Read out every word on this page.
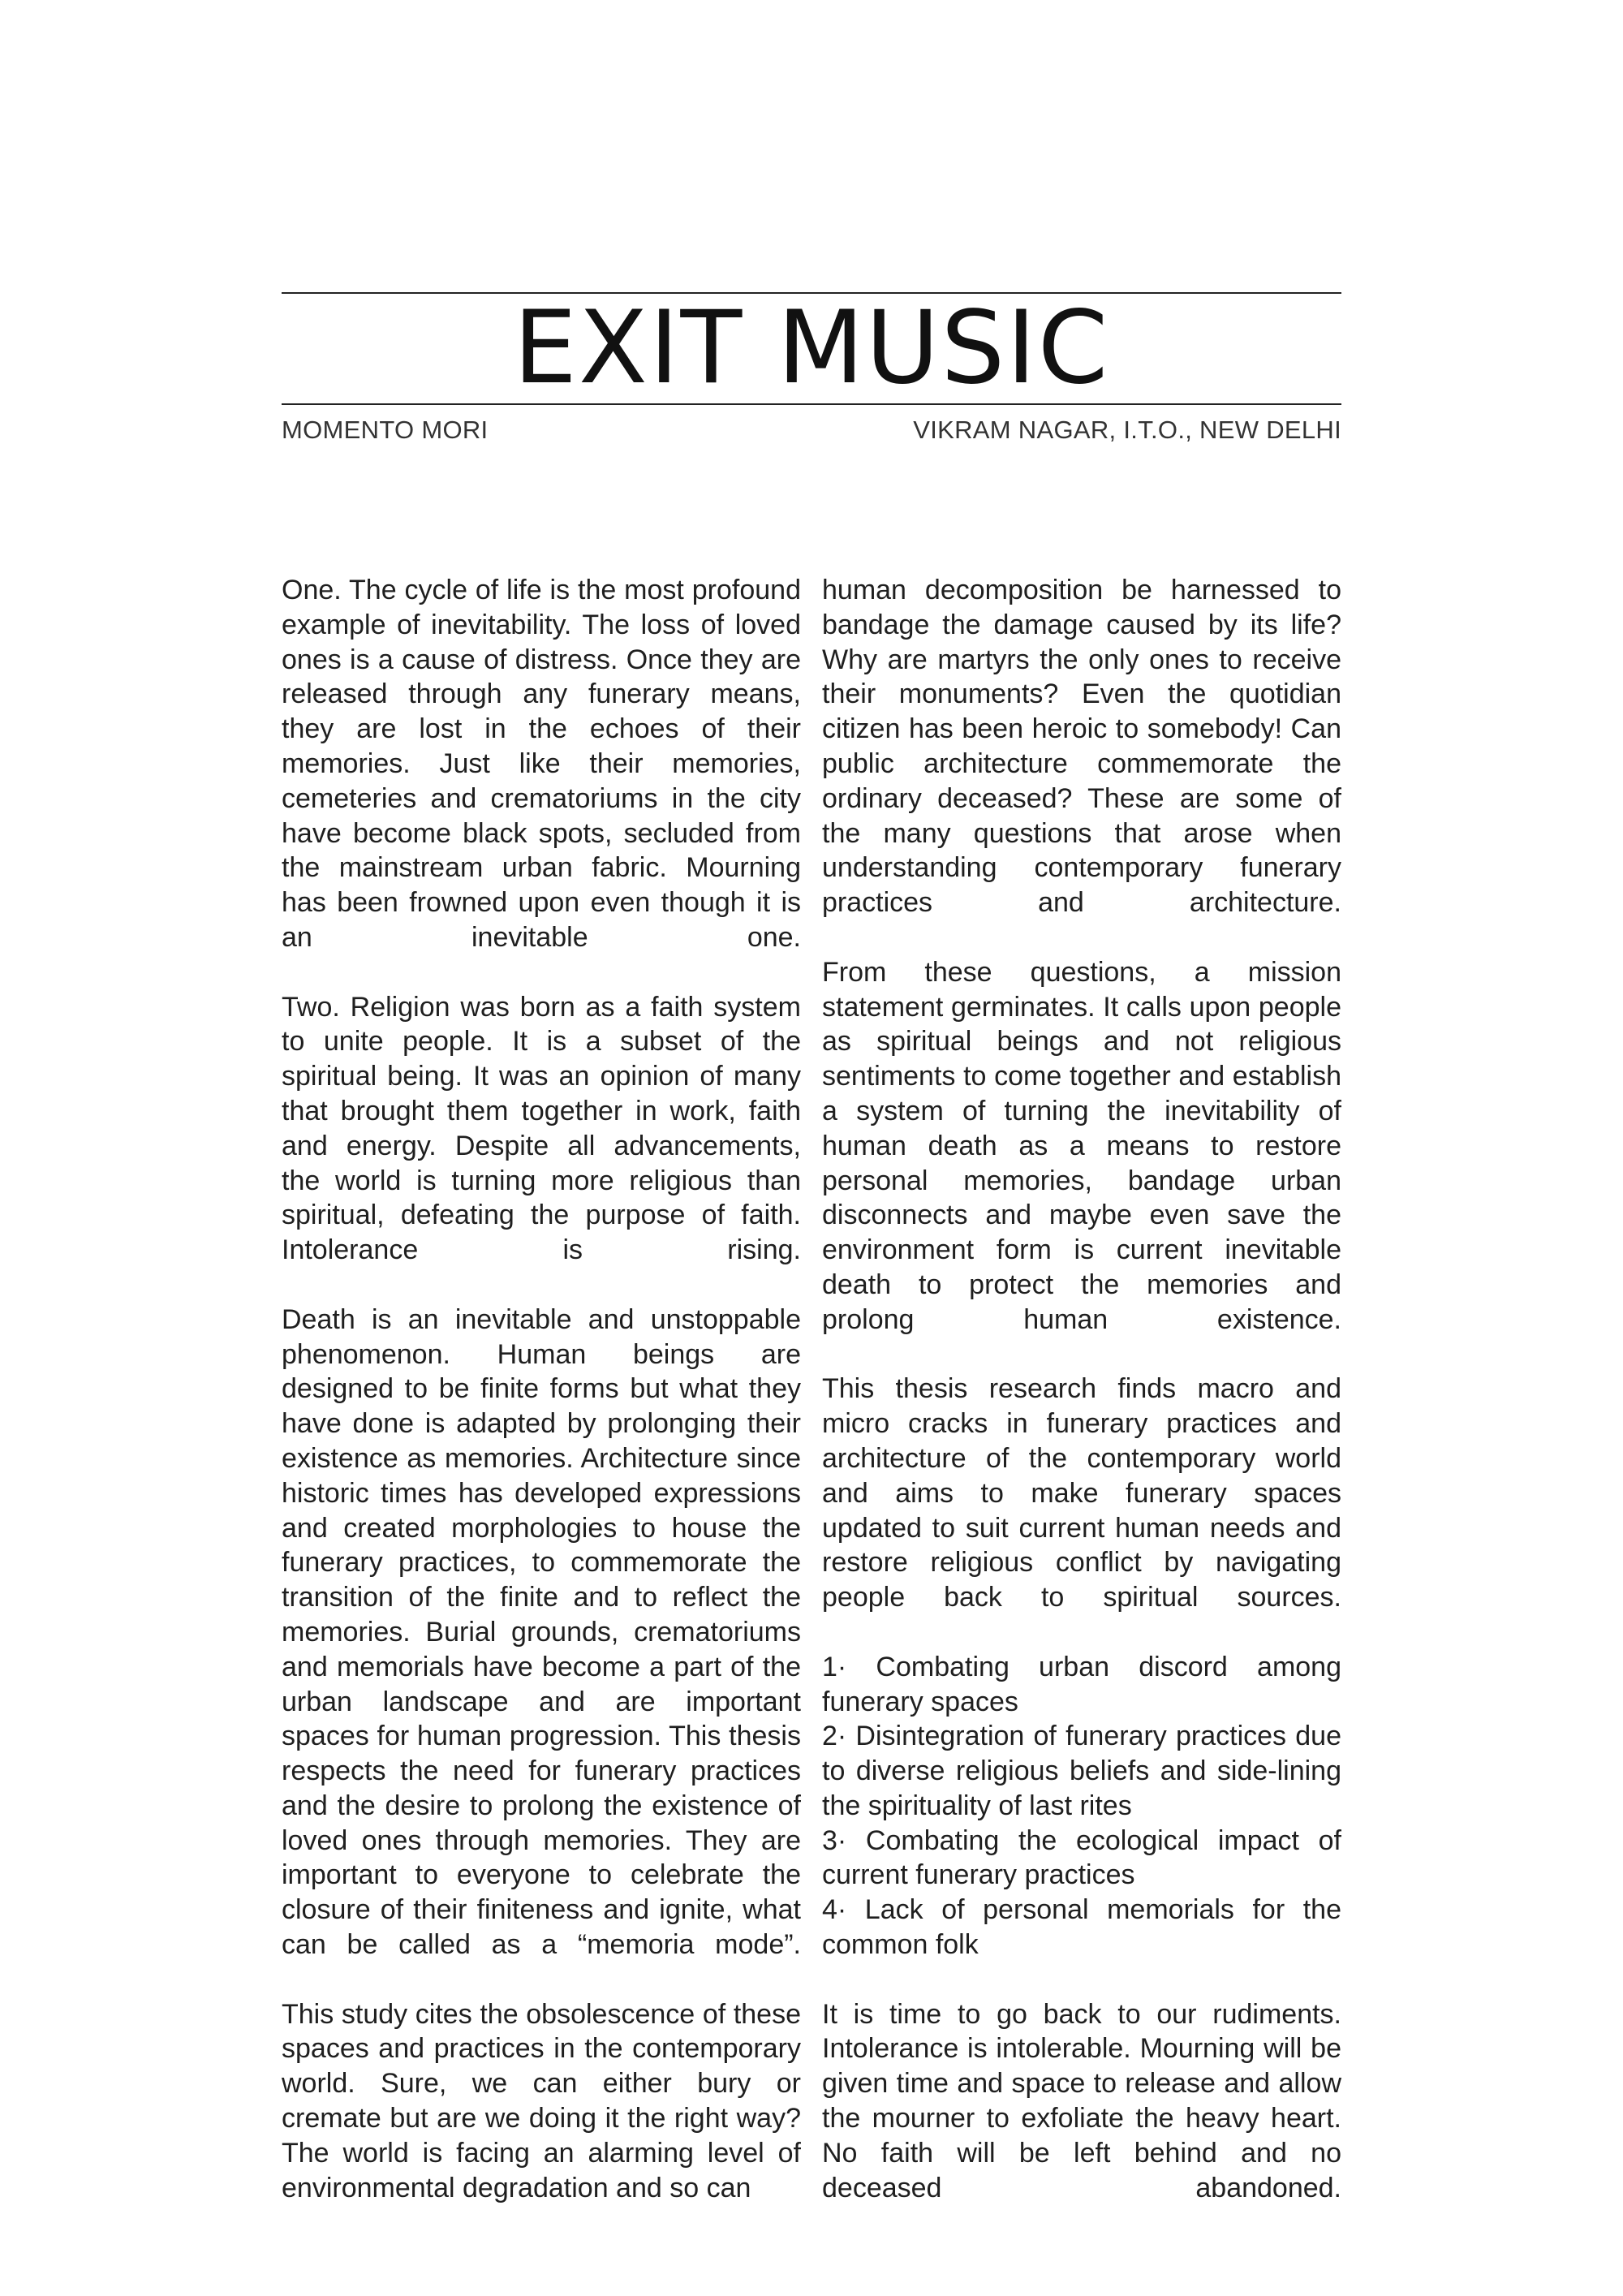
EXIT MUSIC
MOMENTO MORI	VIKRAM NAGAR, I.T.O., NEW DELHI

One. The cycle of life is the most profound example of inevitability. The loss of loved ones is a cause of distress. Once they are released through any funerary means, they are lost in the echoes of their memories. Just like their memories, cemeteries and crematoriums in the city have become black spots, secluded from the mainstream urban fabric. Mourning has been frowned upon even though it is an inevitable one.

Two. Religion was born as a faith system to unite people. It is a subset of the spiritual being. It was an opinion of many that brought them together in work, faith and energy. Despite all advancements, the world is turning more religious than spiritual, defeating the purpose of faith. Intolerance is rising.

Death is an inevitable and unstoppable phenomenon. Human beings are designed to be finite forms but what they have done is adapted by prolonging their existence as memories. Architecture since historic times has developed expressions and created morphologies to house the funerary practices, to commemorate the transition of the finite and to reflect the memories. Burial grounds, crematoriums and memorials have become a part of the urban landscape and are important spaces for human progression. This thesis respects the need for funerary practices and the desire to prolong the existence of loved ones through memories. They are important to everyone to celebrate the closure of their finiteness and ignite, what can be called as a “memoria mode”.

This study cites the obsolescence of these spaces and practices in the contemporary world. Sure, we can either bury or cremate but are we doing it the right way? The world is facing an alarming level of environmental degradation and so can

human decomposition be harnessed to bandage the damage caused by its life? Why are martyrs the only ones to receive their monuments? Even the quotidian citizen has been heroic to somebody! Can public architecture commemorate the ordinary deceased? These are some of the many questions that arose when understanding contemporary funerary practices and architecture.

From these questions, a mission statement germinates. It calls upon people as spiritual beings and not religious sentiments to come together and establish a system of turning the inevitability of human death as a means to restore personal memories, bandage urban disconnects and maybe even save the environment form is current inevitable death to protect the memories and prolong human existence.

This thesis research finds macro and micro cracks in funerary practices and architecture of the contemporary world and aims to make funerary spaces updated to suit current human needs and restore religious conflict by navigating people back to spiritual sources.

1· Combating urban discord among funerary spaces
2· Disintegration of funerary practices due to diverse religious beliefs and side-lining the spirituality of last rites
3· Combating the ecological impact of current funerary practices
4· Lack of personal memorials for the common folk

It is time to go back to our rudiments. Intolerance is intolerable. Mourning will be given time and space to release and allow the mourner to exfoliate the heavy heart. No faith will be left behind and no deceased abandoned.
